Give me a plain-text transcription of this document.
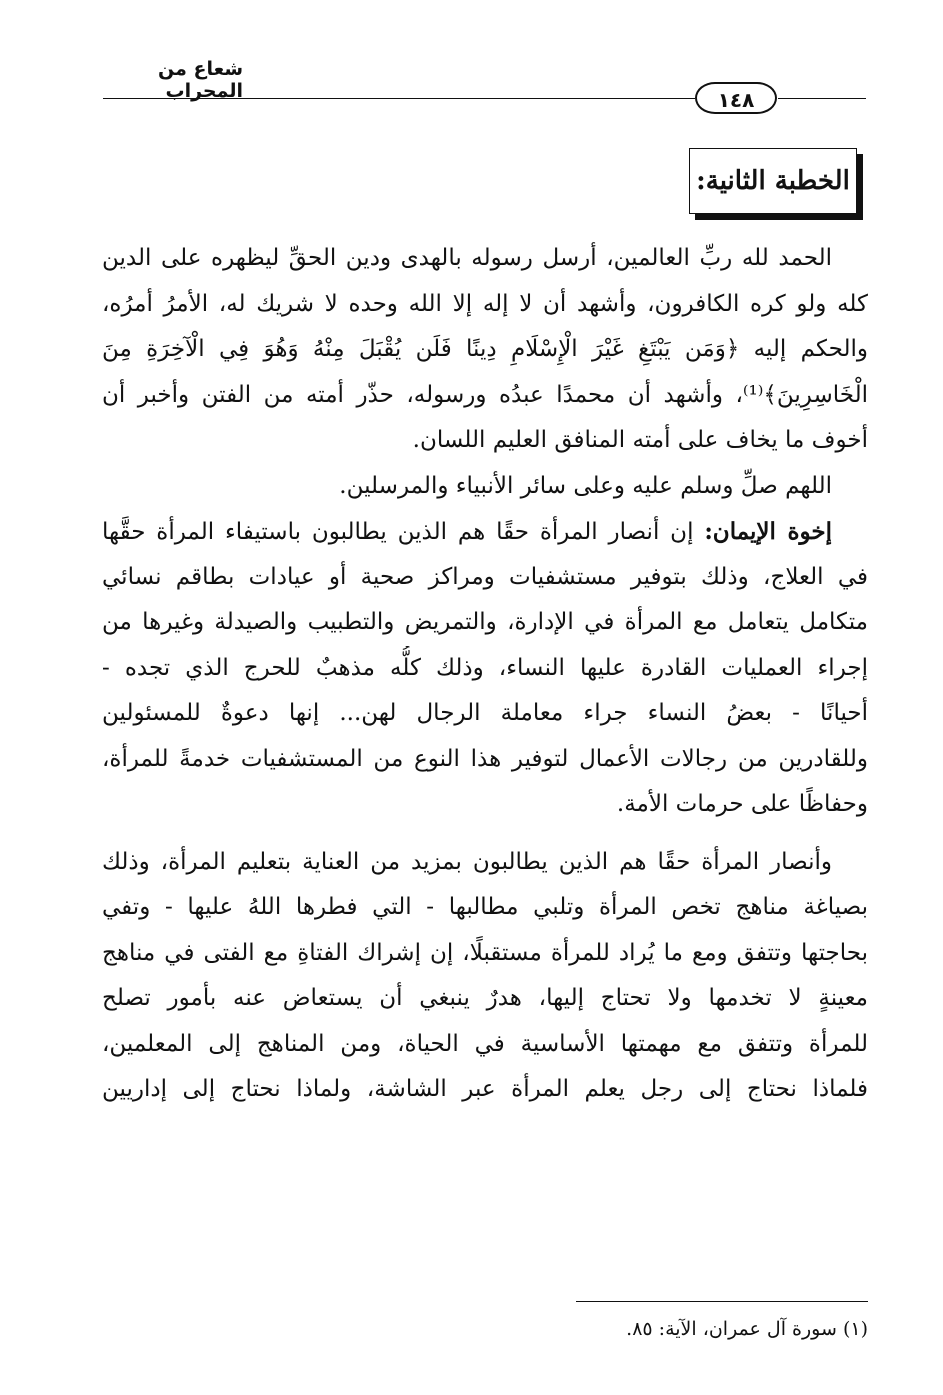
شعاع من المحراب	١٤٨
الخطبة الثانية:
الحمد لله ربِّ العالمين، أرسل رسوله بالهدى ودين الحقِّ ليظهره على الدين
كله ولو كره الكافرون، وأشهد أن لا إله إلا الله وحده لا شريك له، الأمرُ أمرُه،
والحكم إليه ﴿وَمَن يَبْتَغِ غَيْرَ الْإِسْلَامِ دِينًا فَلَن يُقْبَلَ مِنْهُ وَهُوَ فِي الْآخِرَةِ مِنَ
الْخَاسِرِينَ﴾⁽¹⁾، وأشهد أن محمدًا عبدُه ورسوله، حذّر أمته من الفتن وأخبر أن
أخوف ما يخاف على أمته المنافق العليم اللسان.
اللهم صلِّ وسلم عليه وعلى سائر الأنبياء والمرسلين.
إخوة الإيمان: إن أنصار المرأة حقًا هم الذين يطالبون باستيفاء المرأة حقَّها
في العلاج، وذلك بتوفير مستشفيات ومراكز صحية أو عيادات بطاقم نسائي
متكامل يتعامل مع المرأة في الإدارة، والتمريض والتطبيب والصيدلة وغيرها من
إجراء العمليات القادرة عليها النساء، وذلك كلُّه مذهبٌ للحرج الذي تجده -
أحيانًا - بعضُ النساء جراء معاملة الرجال لهن... إنها دعوةٌ للمسئولين
وللقادرين من رجالات الأعمال لتوفير هذا النوع من المستشفيات خدمةً للمرأة،
وحفاظًا على حرمات الأمة.
وأنصار المرأة حقًا هم الذين يطالبون بمزيد من العناية بتعليم المرأة، وذلك
بصياغة مناهج تخص المرأة وتلبي مطالبها - التي فطرها اللهُ عليها - وتفي
بحاجتها وتتفق ومع ما يُراد للمرأة مستقبلًا، إن إشراك الفتاةِ مع الفتى في مناهج
معينةٍ لا تخدمها ولا تحتاج إليها، هدرٌ ينبغي أن يستعاض عنه بأمور تصلح
للمرأة وتتفق مع مهمتها الأساسية في الحياة، ومن المناهج إلى المعلمين،
فلماذا نحتاج إلى رجل يعلم المرأة عبر الشاشة، ولماذا نحتاج إلى إداريين
(١) سورة آل عمران، الآية: ٨٥.
